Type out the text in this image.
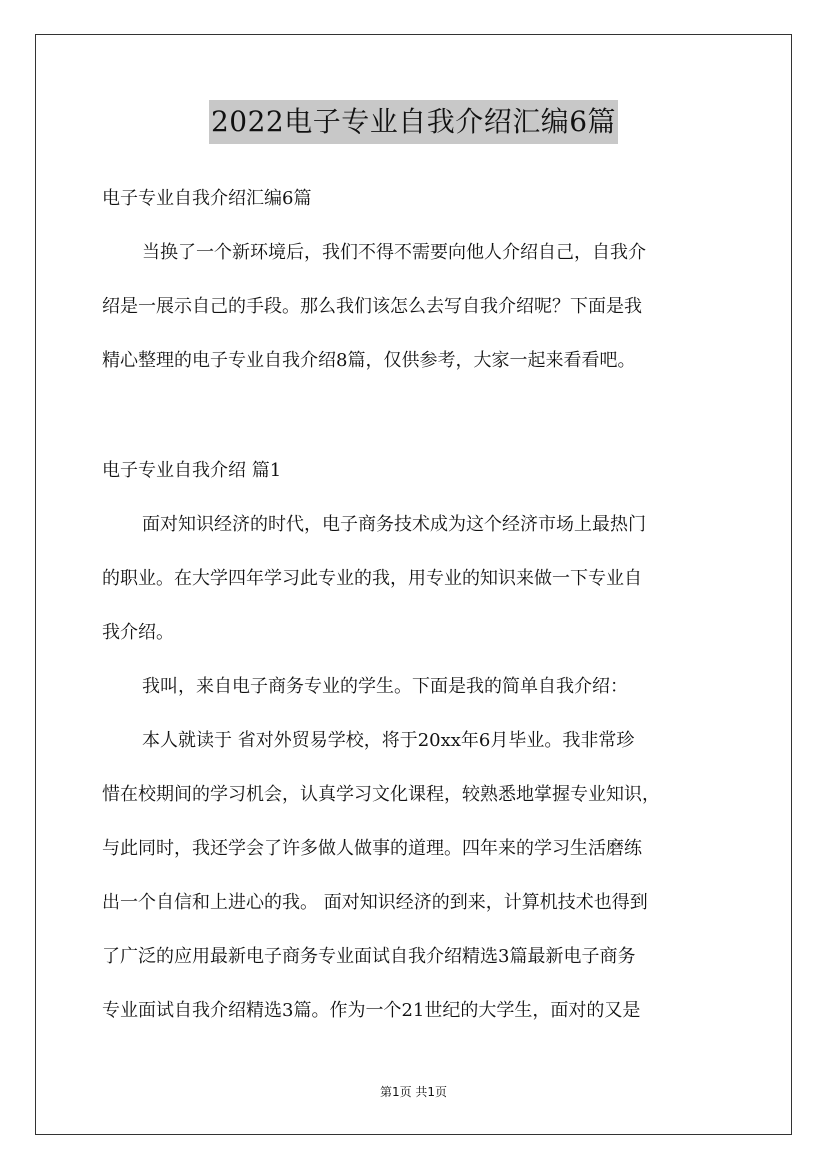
2022电子专业自我介绍汇编6篇
电子专业自我介绍汇编6篇
当换了一个新环境后，我们不得不需要向他人介绍自己，自我介
绍是一展示自己的手段。那么我们该怎么去写自我介绍呢？下面是我
精心整理的电子专业自我介绍8篇，仅供参考，大家一起来看看吧。
电子专业自我介绍 篇1
面对知识经济的时代，电子商务技术成为这个经济市场上最热门
的职业。在大学四年学习此专业的我，用专业的知识来做一下专业自
我介绍。
我叫，来自电子商务专业的学生。下面是我的简单自我介绍：
本人就读于 省对外贸易学校，将于20xx年6月毕业。我非常珍
惜在校期间的学习机会，认真学习文化课程，较熟悉地掌握专业知识，
与此同时，我还学会了许多做人做事的道理。四年来的学习生活磨练
出一个自信和上进心的我。 面对知识经济的到来，计算机技术也得到
了广泛的应用最新电子商务专业面试自我介绍精选3篇最新电子商务
专业面试自我介绍精选3篇。作为一个21世纪的大学生，面对的又是
第1页 共1页
